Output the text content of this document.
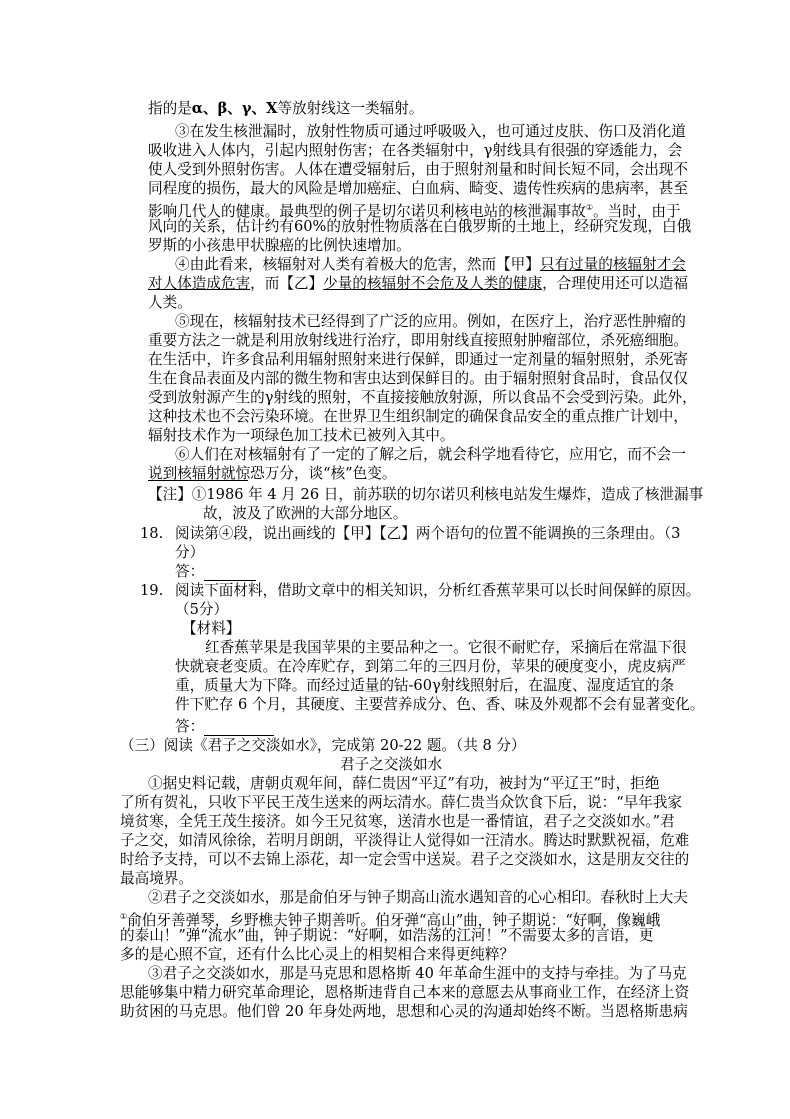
指的是α、β、γ、X等放射线这一类辐射。
③在发生核泄漏时，放射性物质可通过呼吸吸入，也可通过皮肤、伤口及消化道
吸收进入人体内，引起内照射伤害；在各类辐射中，γ射线具有很强的穿透能力，会
使人受到外照射伤害。人体在遭受辐射后，由于照射剂量和时间长短不同，会出现不
同程度的损伤，最大的风险是增加癌症、白血病、畸变、遗传性疾病的患病率，甚至
影响几代人的健康。最典型的例子是切尔诺贝利核电站的核泄漏事故①。当时，由于
风向的关系，估计约有60%的放射性物质落在白俄罗斯的土地上，经研究发现，白俄
罗斯的小孩患甲状腺癌的比例快速增加。
④由此看来，核辐射对人类有着极大的危害，然而【甲】只有过量的核辐射才会
对人体造成危害，而【乙】少量的核辐射不会危及人类的健康，合理使用还可以造福
人类。
⑤现在，核辐射技术已经得到了广泛的应用。例如，在医疗上，治疗恶性肿瘤的
重要方法之一就是利用放射线进行治疗，即用射线直接照射肿瘤部位，杀死癌细胞。
在生活中，许多食品利用辐射照射来进行保鲜，即通过一定剂量的辐射照射，杀死寄
生在食品表面及内部的微生物和害虫达到保鲜目的。由于辐射照射食品时，食品仅仅
受到放射源产生的γ射线的照射，不直接接触放射源，所以食品不会受到污染。此外，
这种技术也不会污染环境。在世界卫生组织制定的确保食品安全的重点推广计划中，
辐射技术作为一项绿色加工技术已被列入其中。
⑥人们在对核辐射有了一定的了解之后，就会科学地看待它，应用它，而不会一
说到核辐射就惊恐万分，谈“核”色变。
【注】①1986 年 4 月 26 日，前苏联的切尔诺贝利核电站发生爆炸，造成了核泄漏事
故，波及了欧洲的大部分地区。
18. 阅读第④段，说出画线的【甲】【乙】两个语句的位置不能调换的三条理由。（3
分）
答：
19. 阅读下面材料，借助文章中的相关知识，分析红香蕉苹果可以长时间保鲜的原因。
（5分）
【材料】
红香蕉苹果是我国苹果的主要品种之一。它很不耐贮存，采摘后在常温下很
快就衰老变质。在冷库贮存，到第二年的三四月份，苹果的硬度变小，虎皮病严
重，质量大为下降。而经过适量的钴-60γ射线照射后，在温度、湿度适宜的条
件下贮存 6 个月，其硬度、主要营养成分、色、香、味及外观都不会有显著变化。
答：
（三）阅读《君子之交淡如水》，完成第 20-22 题。（共 8 分）
君子之交淡如水
①据史料记载，唐朝贞观年间，薛仁贵因“平辽”有功，被封为“平辽王”时，拒绝
了所有贺礼，只收下平民王茂生送来的两坛清水。薛仁贵当众饮食下后，说：“早年我家
境贫寒，全凭王茂生接济。如今王兄贫寒，送清水也是一番情谊，君子之交淡如水。”君
子之交，如清风徐徐，若明月朗朗，平淡得让人觉得如一汪清水。腾达时默默祝福，危难
时给予支持，可以不去锦上添花，却一定会雪中送炭。君子之交淡如水，这是朋友交往的
最高境界。
②君子之交淡如水，那是俞伯牙与钟子期高山流水遇知音的心心相印。春秋时上大夫
①俞伯牙善弹琴，乡野樵夫钟子期善听。伯牙弹“高山”曲，钟子期说：“好啊，像巍峨
的泰山！”弹“流水”曲，钟子期说：“好啊，如浩荡的江河！”不需要太多的言语，更
多的是心照不宣，还有什么比心灵上的相契相合来得更纯粹？
③君子之交淡如水，那是马克思和恩格斯 40 年革命生涯中的支持与牵挂。为了马克
思能够集中精力研究革命理论，恩格斯违背自己本来的意愿去从事商业工作，在经济上资
助贫困的马克思。他们曾 20 年身处两地，思想和心灵的沟通却始终不断。当恩格斯患病
